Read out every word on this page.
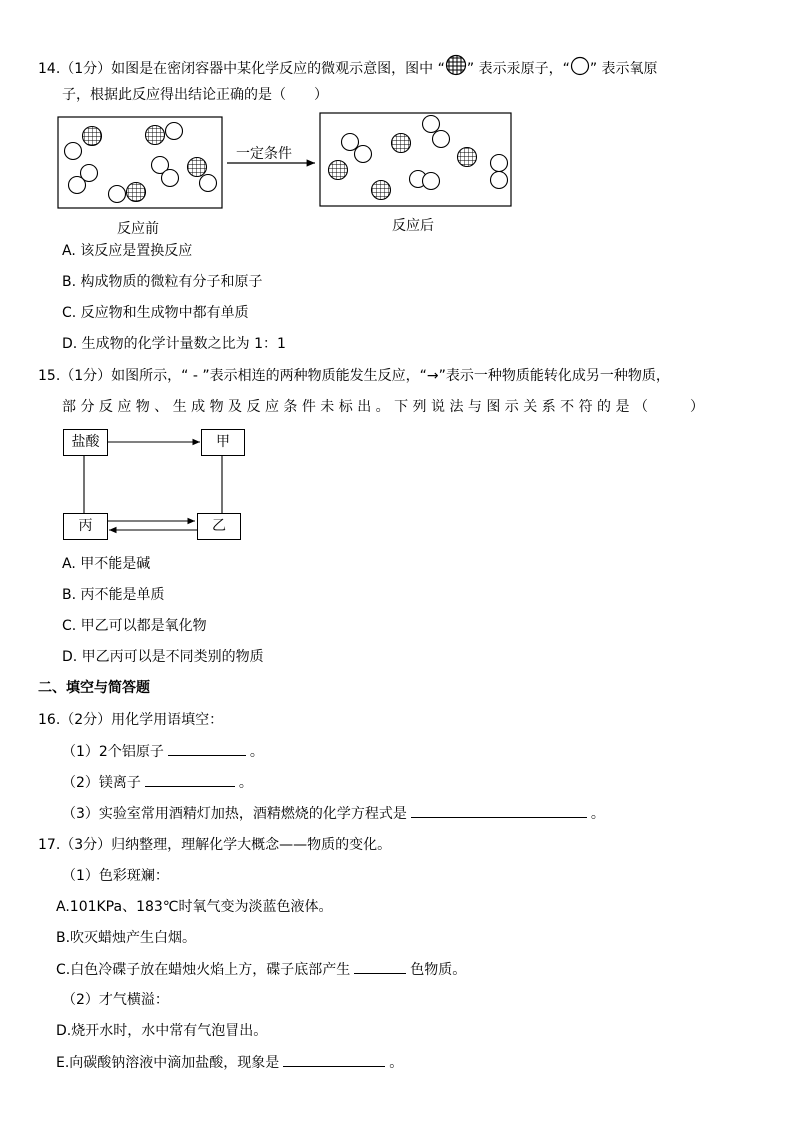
14.（1分）如图是在密闭容器中某化学反应的微观示意图，图中 “ ” 表示汞原子，“ ” 表示氧原
子，根据此反应得出结论正确的是（　　）
一定条件
反应前	反应后
A. 该反应是置换反应
B. 构成物质的微粒有分子和原子
C. 反应物和生成物中都有单质
D. 生成物的化学计量数之比为 1：1
15.（1分）如图所示，“ - ”表示相连的两种物质能发生反应，“→”表示一种物质能转化成另一种物质，
部 分 反 应 物 、 生 成 物 及 反 应 条 件 未 标 出 。 下 列 说 法 与 图 示 关 系 不 符 的 是 （　　　）
盐酸	甲
丙	乙
A. 甲不能是碱
B. 丙不能是单质
C. 甲乙可以都是氧化物
D. 甲乙丙可以是不同类别的物质
二、填空与简答题
16.（2分）用化学用语填空：
（1）2个铝原子	。
（2）镁离子	。
（3）实验室常用酒精灯加热，酒精燃烧的化学方程式是	。
17.（3分）归纳整理，理解化学大概念——物质的变化。
（1）色彩斑斓：
A.101KPa、183℃时氧气变为淡蓝色液体。
B.吹灭蜡烛产生白烟。
C.白色冷碟子放在蜡烛火焰上方，碟子底部产生	色物质。
（2）才气横溢：
D.烧开水时，水中常有气泡冒出。
E.向碳酸钠溶液中滴加盐酸，现象是	。
